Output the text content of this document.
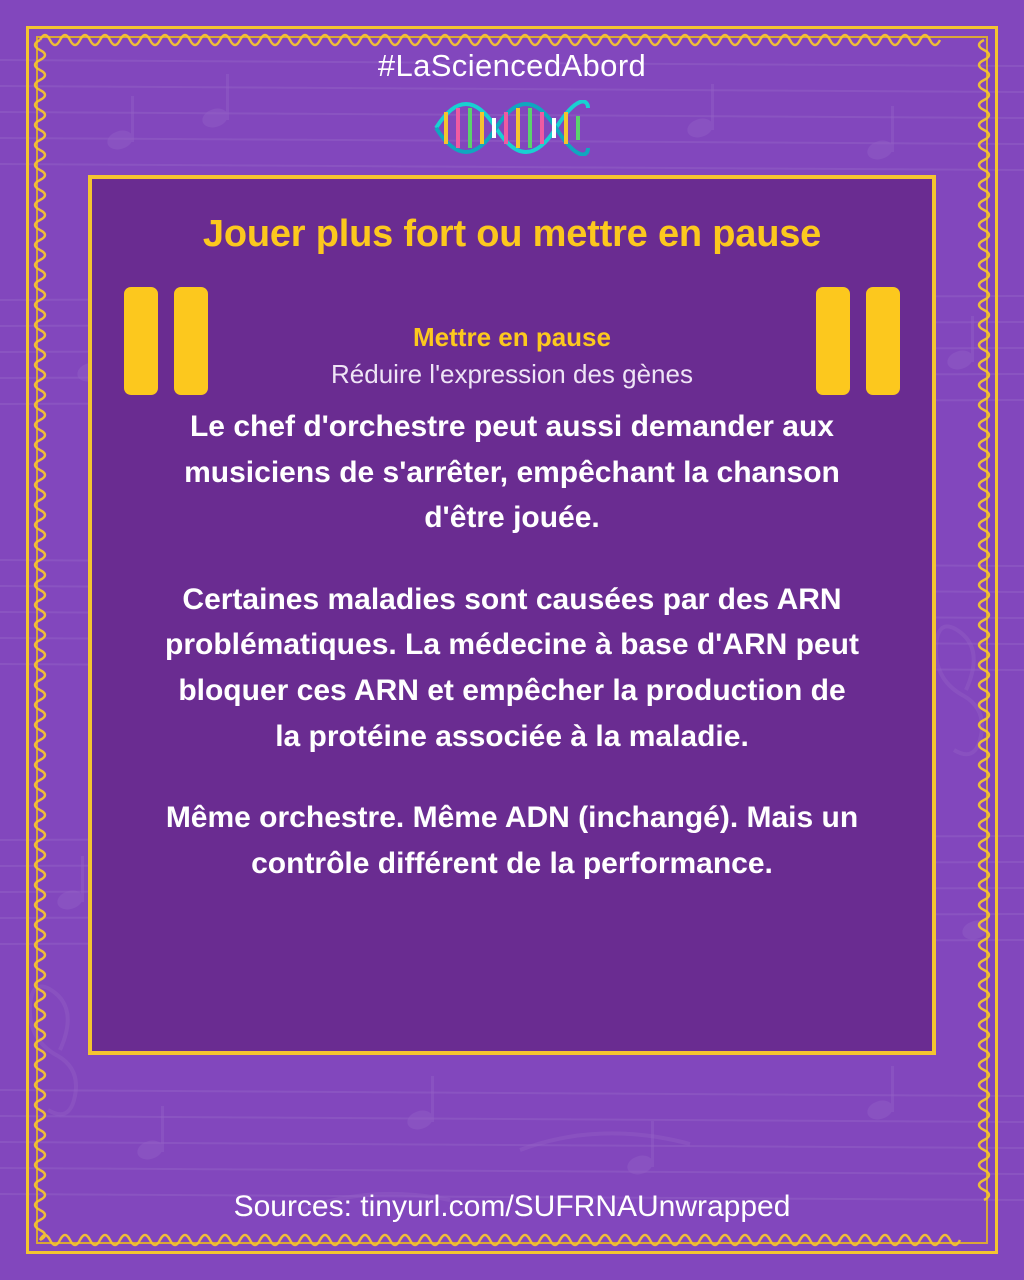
#LaSciencedAbord
Jouer plus fort ou mettre en pause
Mettre en pause
Réduire l'expression des gènes

Le chef d'orchestre peut aussi demander aux musiciens de s'arrêter, empêchant la chanson d'être jouée.

Certaines maladies sont causées par des ARN problématiques. La médecine à base d'ARN peut bloquer ces ARN et empêcher la production de la protéine associée à la maladie.

Même orchestre. Même ADN (inchangé). Mais un contrôle différent de la performance.

Sources: tinyurl.com/SUFRNAUnwrapped
